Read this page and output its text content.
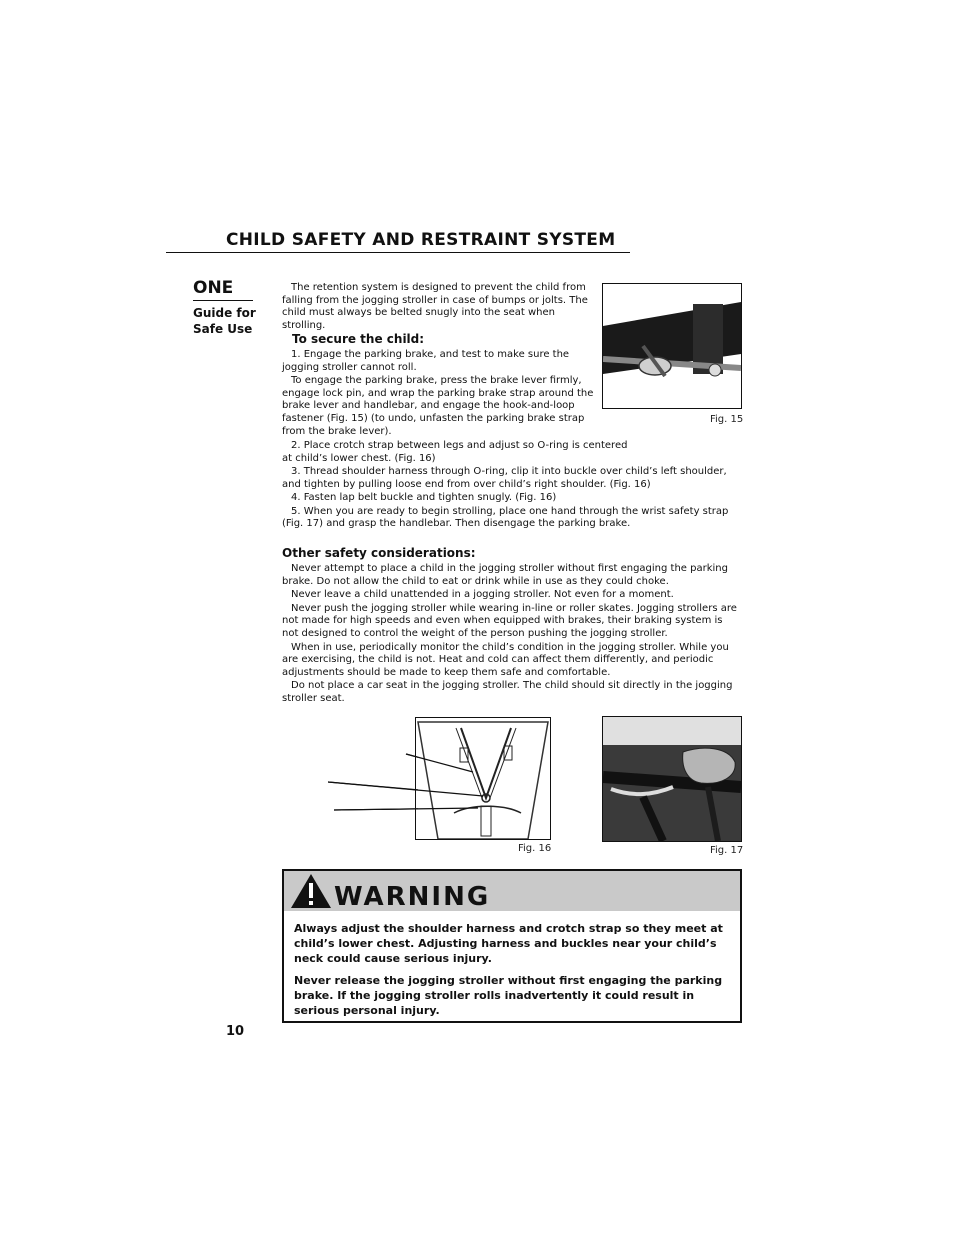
CHILD SAFETY AND RESTRAINT SYSTEM
ONE
Guide for
Safe Use

The retention system is designed to prevent the child from falling from the jogging stroller in case of bumps or jolts. The child must always be belted snugly into the seat when strolling.

To secure the child:

1. Engage the parking brake, and test to make sure the jogging stroller cannot roll.

To engage the parking brake, press the brake lever firmly, engage lock pin, and wrap the parking brake strap around the brake lever and handlebar, and engage the hook-and-loop fastener (Fig. 15) (to undo, unfasten the parking brake strap from the brake lever).

2. Place crotch strap between legs and adjust so O-ring is centered at child’s lower chest. (Fig. 16)

3. Thread shoulder harness through O-ring, clip it into buckle over child’s left shoulder, and tighten by pulling loose end from over child’s right shoulder. (Fig. 16)

4. Fasten lap belt buckle and tighten snugly. (Fig. 16)

5. When you are ready to begin strolling, place one hand through the wrist safety strap (Fig. 17) and grasp the handlebar. Then disengage the parking brake.

Other safety considerations:

Never attempt to place a child in the jogging stroller without first engaging the parking brake. Do not allow the child to eat or drink while in use as they could choke.

Never leave a child unattended in a jogging stroller. Not even for a moment.

Never push the jogging stroller while wearing in-line or roller skates. Jogging strollers are not made for high speeds and even when equipped with brakes, their braking system is not designed to control the weight of the person pushing the jogging stroller.

When in use, periodically monitor the child’s condition in the jogging stroller. While you are exercising, the child is not. Heat and cold can affect them differently, and periodic adjustments should be made to keep them safe and comfortable.

Do not place a car seat in the jogging stroller. The child should sit directly in the jogging stroller seat.

Fig. 15
Fig. 16	Fig. 17
WARNING

Always adjust the shoulder harness and crotch strap so they meet at child’s lower chest. Adjusting harness and buckles near your child’s neck could cause serious injury.

Never release the jogging stroller without first engaging the parking brake. If the jogging stroller rolls inadvertently it could result in serious personal injury.

10
